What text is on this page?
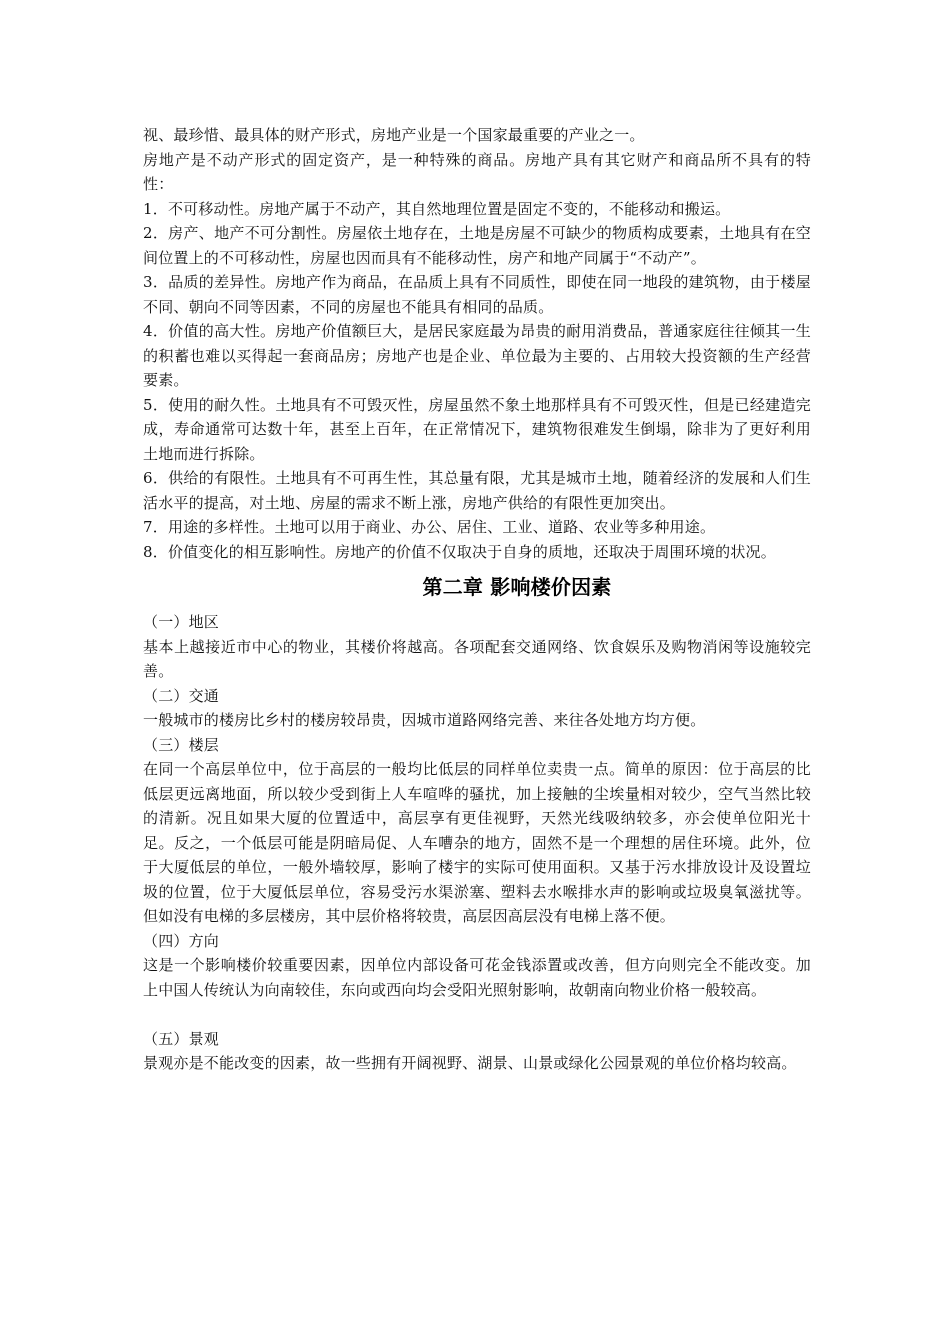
视、最珍惜、最具体的财产形式，房地产业是一个国家最重要的产业之一。

房地产是不动产形式的固定资产，是一种特殊的商品。房地产具有其它财产和商品所不具有的特性：

1．不可移动性。房地产属于不动产，其自然地理位置是固定不变的，不能移动和搬运。

2．房产、地产不可分割性。房屋依土地存在，土地是房屋不可缺少的物质构成要素，土地具有在空间位置上的不可移动性，房屋也因而具有不能移动性，房产和地产同属于“不动产”。

3．品质的差异性。房地产作为商品，在品质上具有不同质性，即使在同一地段的建筑物，由于楼屋不同、朝向不同等因素，不同的房屋也不能具有相同的品质。

4．价值的高大性。房地产价值额巨大，是居民家庭最为昂贵的耐用消费品，普通家庭往往倾其一生的积蓄也难以买得起一套商品房；房地产也是企业、单位最为主要的、占用较大投资额的生产经营要素。

5．使用的耐久性。土地具有不可毁灭性，房屋虽然不象土地那样具有不可毁灭性，但是已经建造完成，寿命通常可达数十年，甚至上百年，在正常情况下，建筑物很难发生倒塌，除非为了更好利用土地而进行拆除。

6．供给的有限性。土地具有不可再生性，其总量有限，尤其是城市土地，随着经济的发展和人们生活水平的提高，对土地、房屋的需求不断上涨，房地产供给的有限性更加突出。

7．用途的多样性。土地可以用于商业、办公、居住、工业、道路、农业等多种用途。

8．价值变化的相互影响性。房地产的价值不仅取决于自身的质地，还取决于周围环境的状况。

第二章 影响楼价因素

（一）地区

基本上越接近市中心的物业，其楼价将越高。各项配套交通网络、饮食娱乐及购物消闲等设施较完善。

（二）交通

一般城市的楼房比乡村的楼房较昂贵，因城市道路网络完善、来往各处地方均方便。

（三）楼层

在同一个高层单位中，位于高层的一般均比低层的同样单位卖贵一点。简单的原因：位于高层的比低层更远离地面，所以较少受到街上人车喧哗的骚扰，加上接触的尘埃量相对较少，空气当然比较的清新。况且如果大厦的位置适中，高层享有更佳视野，天然光线吸纳较多，亦会使单位阳光十足。反之，一个低层可能是阴暗局促、人车嘈杂的地方，固然不是一个理想的居住环境。此外，位于大厦低层的单位，一般外墙较厚，影响了楼宇的实际可使用面积。又基于污水排放设计及设置垃圾的位置，位于大厦低层单位，容易受污水渠淤塞、塑料去水喉排水声的影响或垃圾臭氧滋扰等。但如没有电梯的多层楼房，其中层价格将较贵，高层因高层没有电梯上落不便。

（四）方向

这是一个影响楼价较重要因素，因单位内部设备可花金钱添置或改善，但方向则完全不能改变。加上中国人传统认为向南较佳，东向或西向均会受阳光照射影响，故朝南向物业价格一般较高。

（五）景观

景观亦是不能改变的因素，故一些拥有开阔视野、湖景、山景或绿化公园景观的单位价格均较高。
